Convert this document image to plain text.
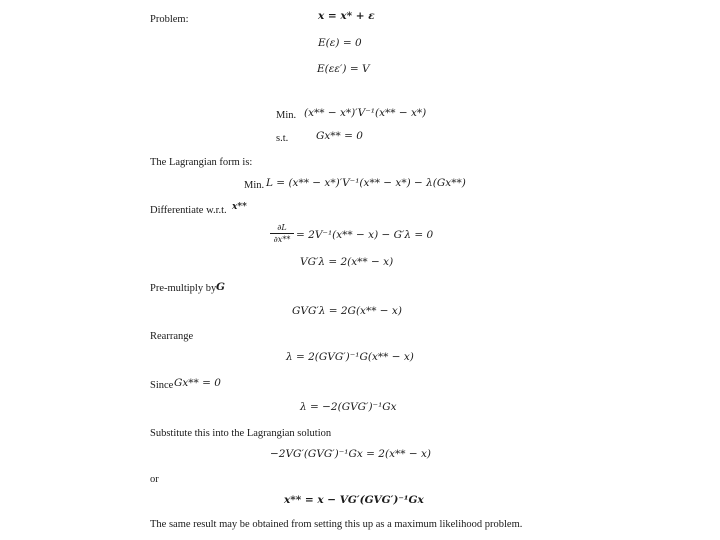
Problem:	x = x* + ε
E(ε) = 0
E(εε′) = V
Min. (x** − x*)′V⁻¹(x** − x*)
s.t.	Gx** = 0
The Lagrangian form is:
Min. L = (x** − x*)′V⁻¹(x** − x*) − λ(Gx**)
Differentiate w.r.t. x**
∂L
∂x** = 2V⁻¹(x** − x) − G′λ = 0
VG′λ = 2(x** − x)
Pre-multiply by G
GVG′λ = 2G(x** − x)
Rearrange
λ = 2(GVG′)⁻¹G(x** − x)
Since Gx** = 0
λ = −2(GVG′)⁻¹Gx
Substitute this into the Lagrangian solution
−2VG′(GVG′)⁻¹Gx = 2(x** − x)
or
x** = x − VG′(GVG′)⁻¹Gx
The same result may be obtained from setting this up as a maximum likelihood problem.
